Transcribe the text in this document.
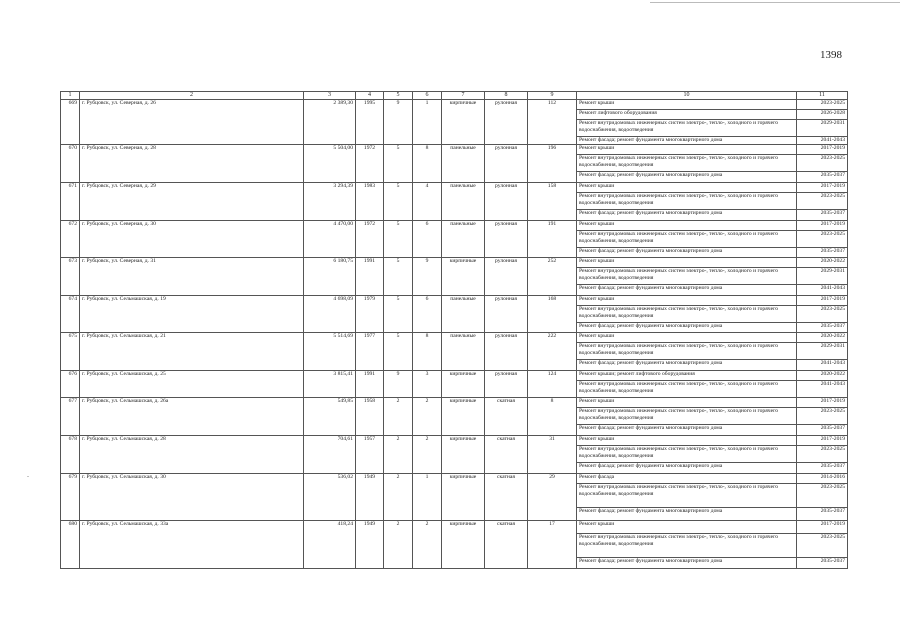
1398
-
1	2	3	4	5	6	7	8	9	10	11
669	г. Рубцовск, ул. Северная, д. 26	2 389,30	1995	9	1	кирпичные	рулонная	112	Ремонт крыши	2023-2025
									Ремонт лифтового оборудования	2026-2028
									Ремонт внутридомовых инженерных систем электро-, тепло-, холодного и горячего водоснабжения, водоотведения	2029-2031
									Ремонт фасада; ремонт фундамента многоквартирного дома	2041-2043
670	г. Рубцовск, ул. Северная, д. 28	5 504,00	1972	5	8	панельные	рулонная	196	Ремонт крыши	2017-2019
									Ремонт внутридомовых инженерных систем электро-, тепло-, холодного и горячего водоснабжения, водоотведения	2023-2025
									Ремонт фасада; ремонт фундамента многоквартирного дома	2035-2037
671	г. Рубцовск, ул. Северная, д. 29	3 294,39	1983	5	4	панельные	рулонная	158	Ремонт крыши	2017-2019
									Ремонт внутридомовых инженерных систем электро-, тепло-, холодного и горячего водоснабжения, водоотведения	2023-2025
									Ремонт фасада; ремонт фундамента многоквартирного дома	2035-2037
672	г. Рубцовск, ул. Северная, д. 30	4 470,00	1972	5	6	панельные	рулонная	191	Ремонт крыши	2017-2019
									Ремонт внутридомовых инженерных систем электро-, тепло-, холодного и горячего водоснабжения, водоотведения	2023-2025
									Ремонт фасада; ремонт фундамента многоквартирного дома	2035-2037
673	г. Рубцовск, ул. Северная, д. 31	6 180,75	1991	5	9	кирпичные	рулонная	252	Ремонт крыши	2020-2022
									Ремонт внутридомовых инженерных систем электро-, тепло-, холодного и горячего водоснабжения, водоотведения	2029-2031
									Ремонт фасада; ремонт фундамента многоквартирного дома	2041-2043
674	г. Рубцовск, ул. Сельмашская, д. 19	4 698,09	1979	5	6	панельные	рулонная	168	Ремонт крыши	2017-2019
									Ремонт внутридомовых инженерных систем электро-, тепло-, холодного и горячего водоснабжения, водоотведения	2023-2025
									Ремонт фасада; ремонт фундамента многоквартирного дома	2035-2037
675	г. Рубцовск, ул. Сельмашская, д. 21	5 514,69	1977	5	8	панельные	рулонная	222	Ремонт крыши	2020-2022
									Ремонт внутридомовых инженерных систем электро-, тепло-, холодного и горячего водоснабжения, водоотведения	2029-2031
									Ремонт фасада; ремонт фундамента многоквартирного дома	2041-2043
676	г. Рубцовск, ул. Сельмашская, д. 25	3 815,41	1991	9	3	кирпичные	рулонная	124	Ремонт крыши; ремонт лифтового оборудования	2020-2022
									Ремонт внутридомовых инженерных систем электро-, тепло-, холодного и горячего водоснабжения, водоотведения	2041-2043
677	г. Рубцовск, ул. Сельмашская, д. 26а	549,85	1958	2	2	кирпичные	скатная	8	Ремонт крыши	2017-2019
									Ремонт внутридомовых инженерных систем электро-, тепло-, холодного и горячего водоснабжения, водоотведения	2023-2025
									Ремонт фасада; ремонт фундамента многоквартирного дома	2035-2037
678	г. Рубцовск, ул. Сельмашская, д. 28	704,61	1957	2	2	кирпичные	скатная	31	Ремонт крыши	2017-2019
									Ремонт внутридомовых инженерных систем электро-, тепло-, холодного и горячего водоснабжения, водоотведения	2023-2025
									Ремонт фасада; ремонт фундамента многоквартирного дома	2035-2037
679	г. Рубцовск, ул. Сельмашская, д. 30	536,02	1949	2	1	кирпичные	скатная	29	Ремонт фасада	2014-2016
									Ремонт внутридомовых инженерных систем электро-, тепло-, холодного и горячего водоснабжения, водоотведения	2023-2025
									Ремонт фасада; ремонт фундамента многоквартирного дома	2035-2037
680	г. Рубцовск, ул. Сельмашская, д. 33а	418,24	1949	2	2	кирпичные	скатная	17	Ремонт крыши	2017-2019
									Ремонт внутридомовых инженерных систем электро-, тепло-, холодного и горячего водоснабжения, водоотведения	2023-2025
									Ремонт фасада; ремонт фундамента многоквартирного дома	2035-2037
